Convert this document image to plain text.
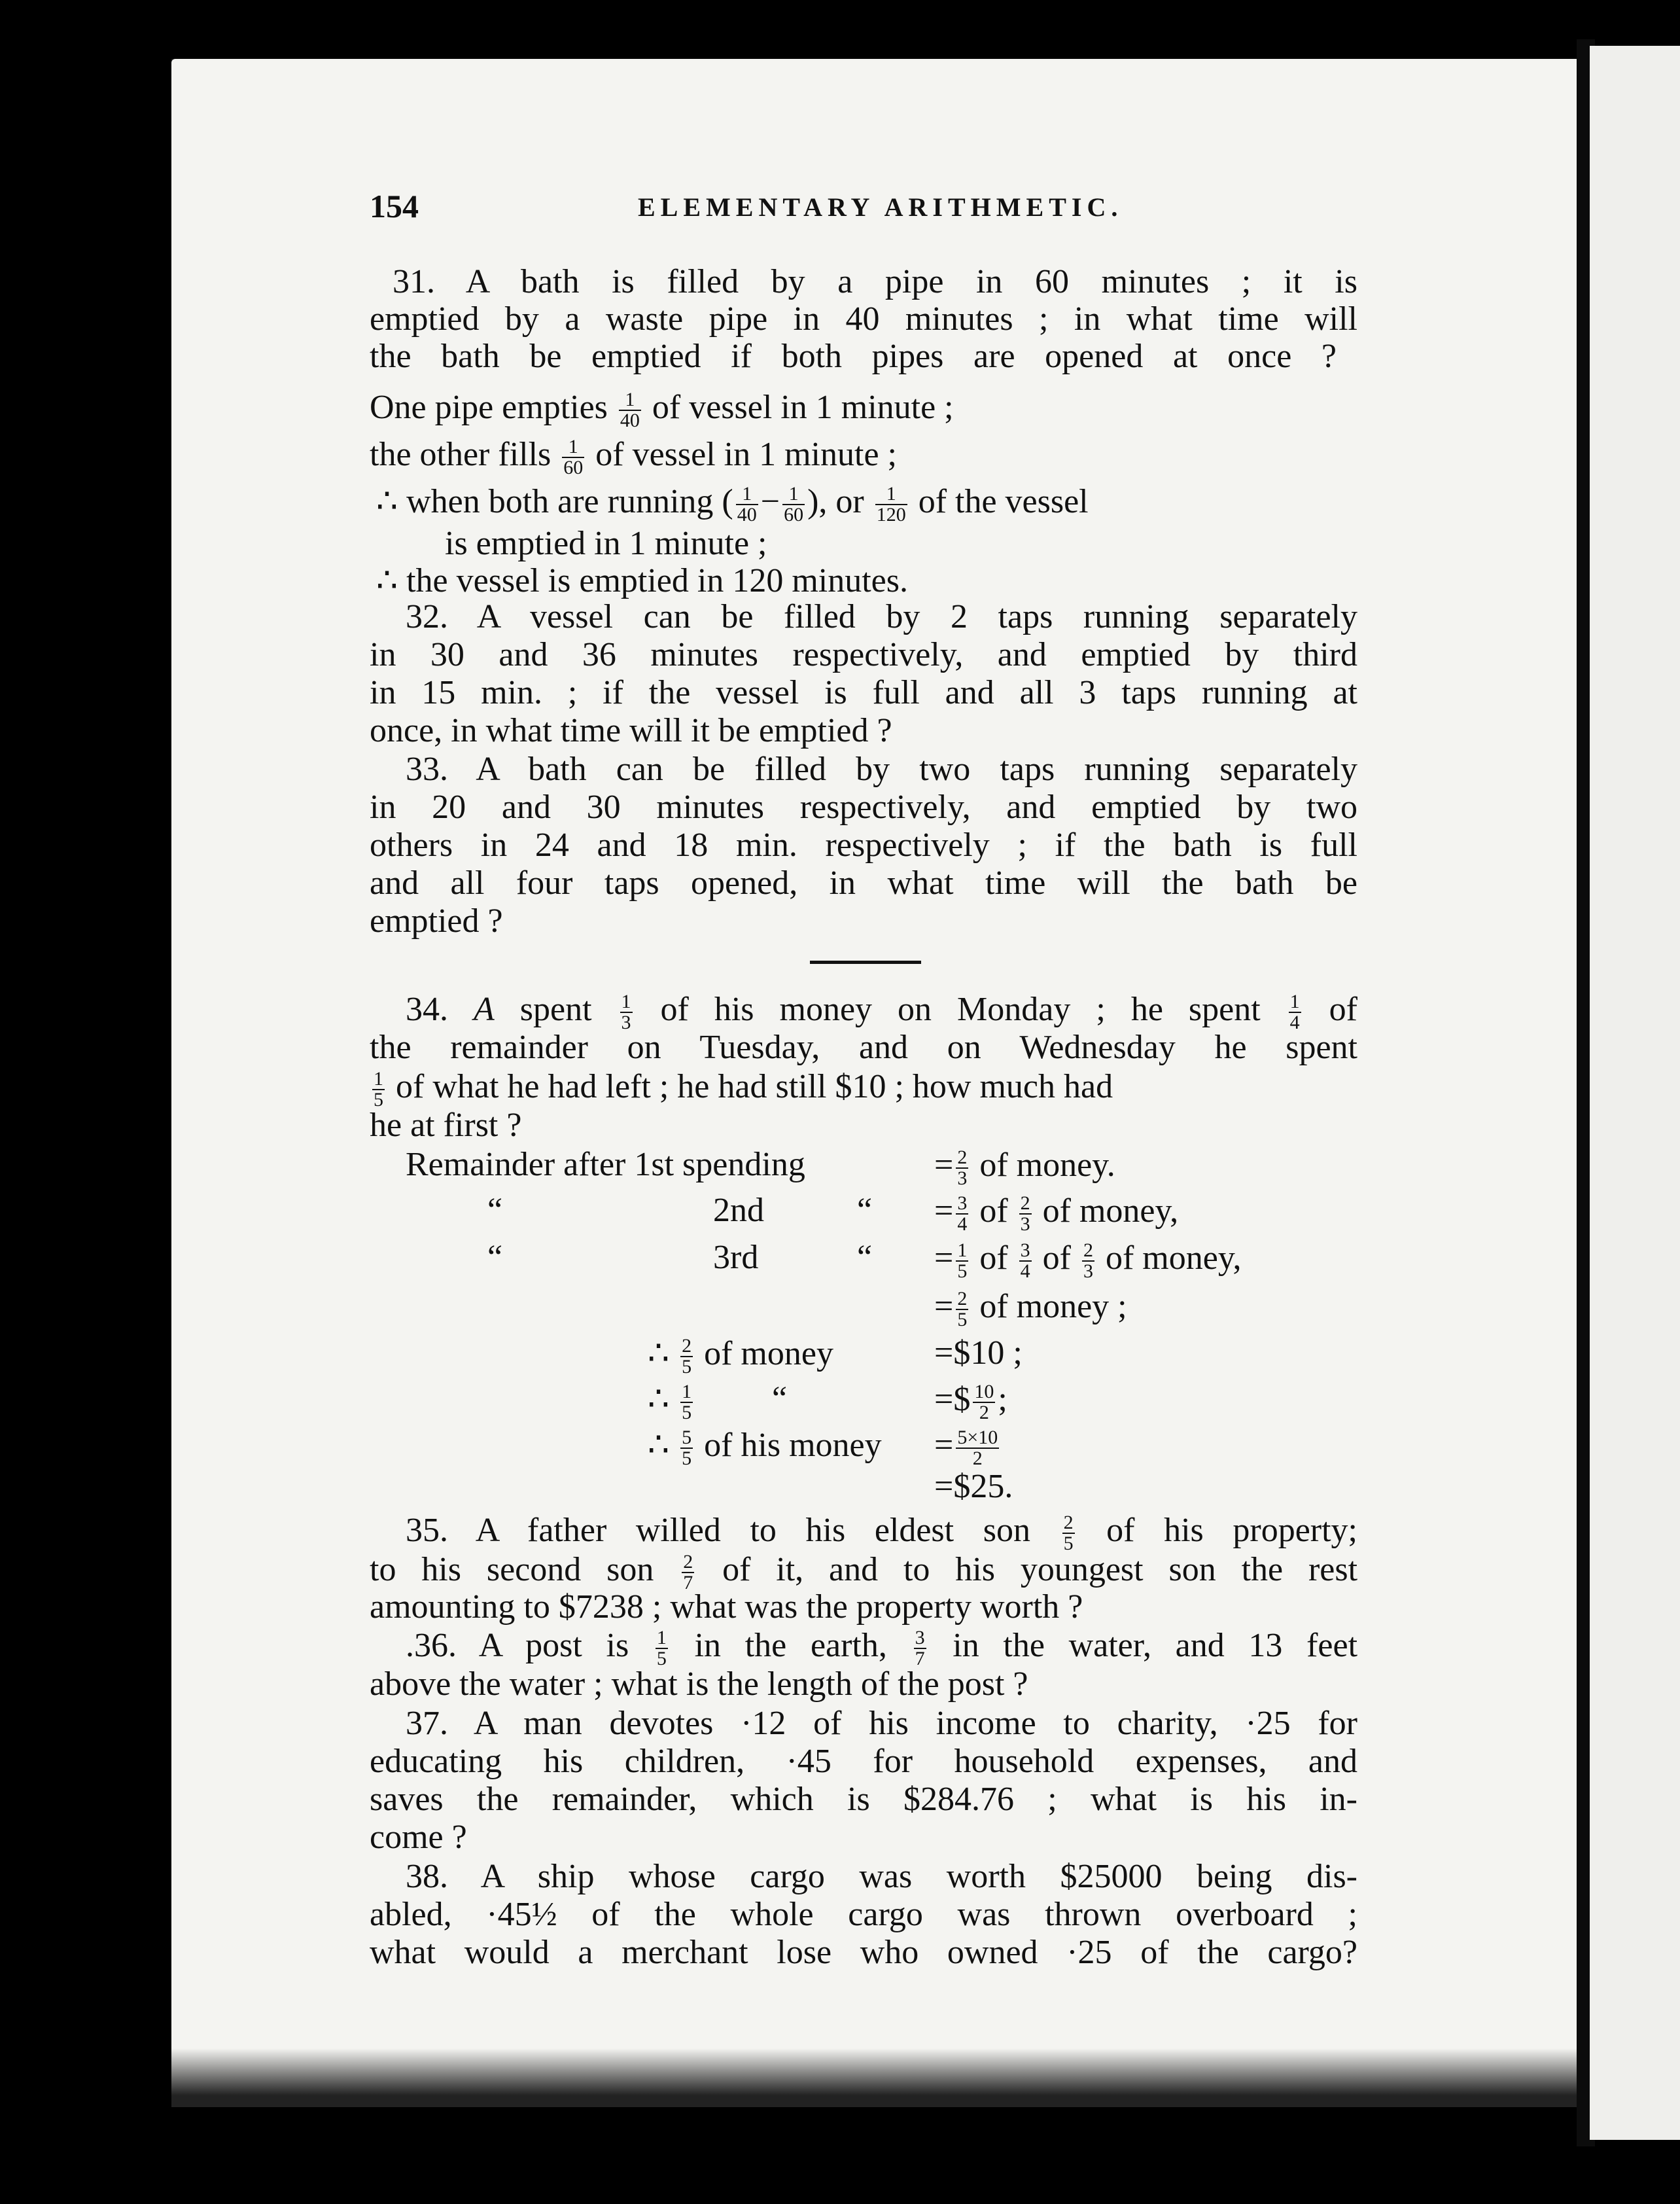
154	ELEMENTARY ARITHMETIC.
31. A bath is filled by a pipe in 60 minutes ; it is
emptied by a waste pipe in 40 minutes ; in what time will
the bath be emptied if both pipes are opened at once ?
One pipe empties $\frac{1}{40}$ of vessel in 1 minute ;
the other fills $\frac{1}{60}$ of vessel in 1 minute ;
∴ when both are running ( $\frac{1}{40} - \frac{1}{60}$ ), or $\frac{1}{120}$ of the vessel
is emptied in 1 minute ;
∴ the vessel is emptied in 120 minutes.
32. A vessel can be filled by 2 taps running separately
in 30 and 36 minutes respectively, and emptied by third
in 15 min. ; if the vessel is full and all 3 taps running at
once, in what time will it be emptied ?
33. A bath can be filled by two taps running separately
in 20 and 30 minutes respectively, and emptied by two
others in 24 and 18 min. respectively ; if the bath is full
and all four taps opened, in what time will the bath be
emptied ?
34. A spent $\frac{1}{3}$ of his money on Monday ; he spent $\frac{1}{4}$ of
the remainder on Tuesday, and on Wednesday he spent
$\frac{1}{5}$ of what he had left ; he had still $10 ; how much had
he at first ?
Remainder after 1st spending	= $\frac{2}{3}$ of money.
“	2nd	“ = $\frac{3}{4}$ of $\frac{2}{3}$ of money,
“	3rd	“ = $\frac{1}{5}$ of $\frac{3}{4}$ of $\frac{2}{3}$ of money,
= $\frac{2}{5}$ of money ;
∴ $\frac{2}{5}$ of money	=$10 ;
∴ $\frac{1}{5}$ “	=$ $\frac{10}{2}$ ;
∴ $\frac{5}{5}$ of his money = $\frac{5\times 10}{2}$
=$25.
35. A father willed to his eldest son $\frac{2}{5}$ of his property;
to his second son $\frac{2}{7}$ of it, and to his youngest son the rest
amounting to $7238 ; what was the property worth ?
.36. A post is $\frac{1}{5}$ in the earth, $\frac{3}{7}$ in the water, and 13 feet
above the water ; what is the length of the post ?
37. A man devotes ·12 of his income to charity, ·25 for
educating his children, ·45 for household expenses, and
saves the remainder, which is $284.76 ; what is his in-
come ?
38. A ship whose cargo was worth $25000 being dis-
abled, ·45½ of the whole cargo was thrown overboard ;
what would a merchant lose who owned ·25 of the cargo?
